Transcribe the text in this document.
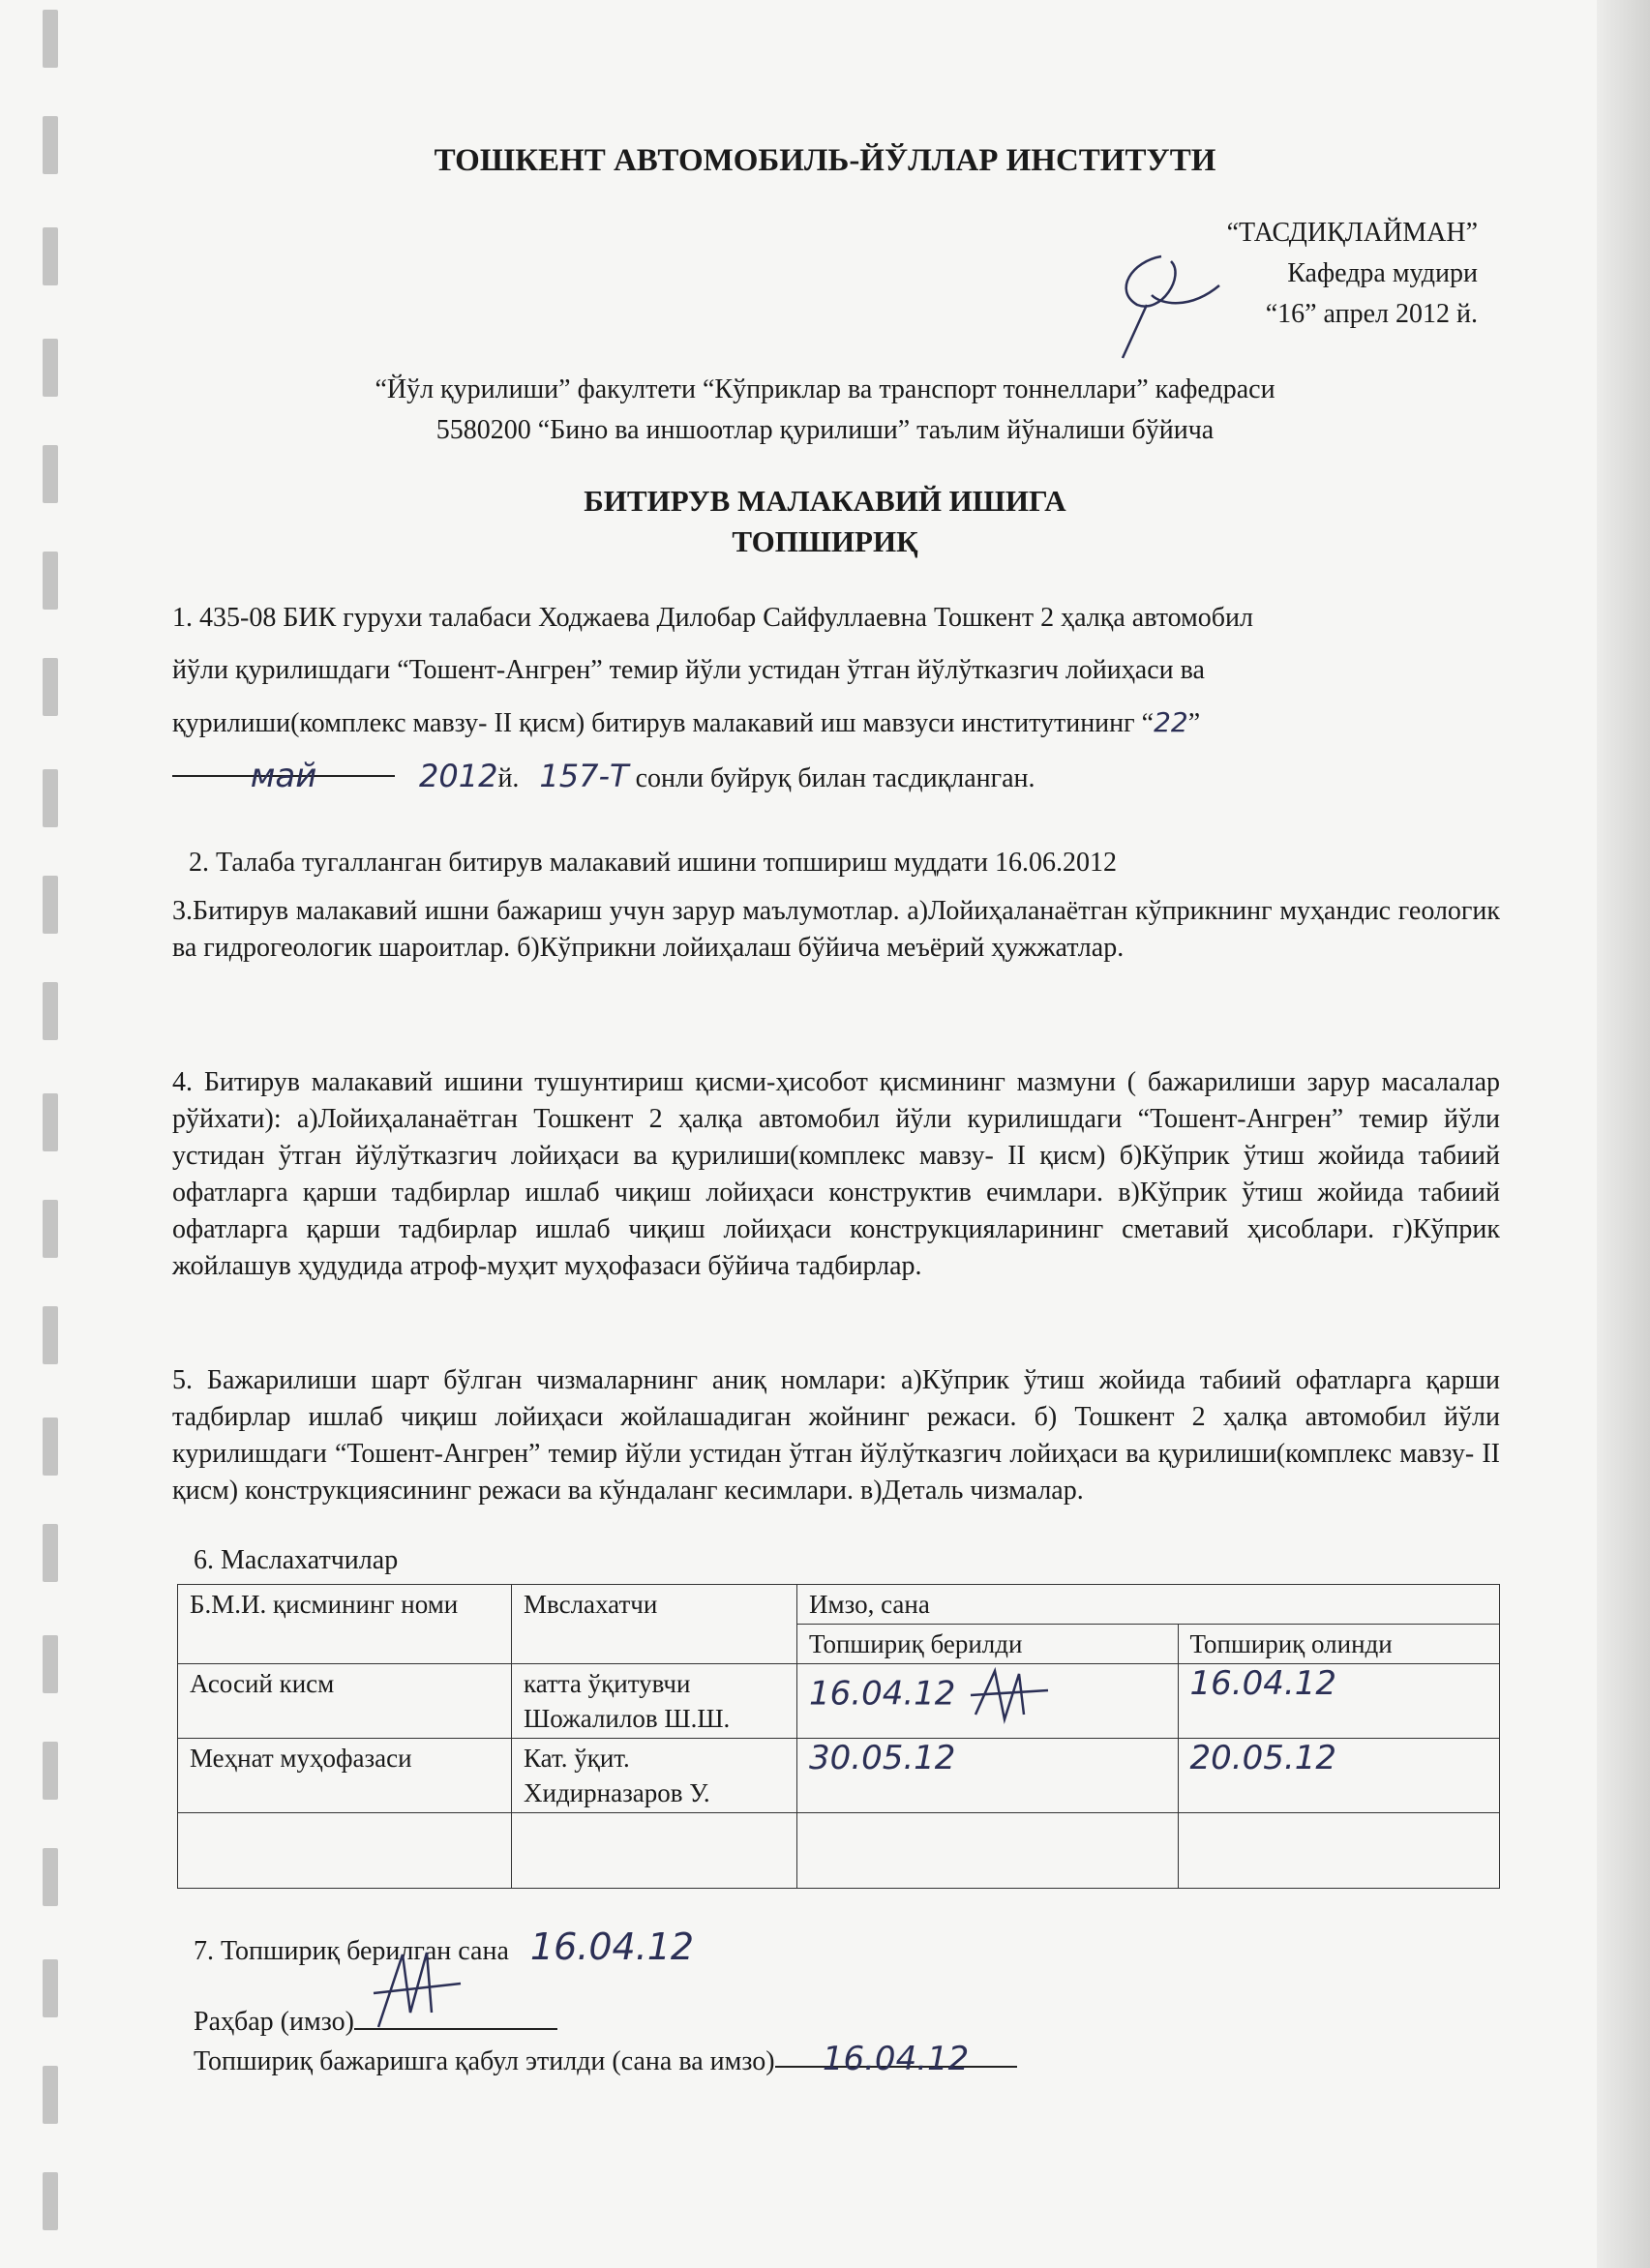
ТОШКЕНТ АВТОМОБИЛЬ-ЙЎЛЛАР ИНСТИТУТИ
“ТАСДИҚЛАЙМАН”
Кафедра мудири
“16” апрел 2012 й.
“Йўл қурилиши” факултети “Кўприклар ва транспорт тоннеллари” кафедраси
5580200 “Бино ва иншоотлар қурилиши” таълим йўналиши бўйича
БИТИРУВ МАЛАКАВИЙ ИШИГА
ТОПШИРИҚ
1. 435-08 БИК гурухи талабаси Ходжаева Дилобар Сайфуллаевна Тошкент 2 ҳалқа автомобил
йўли қурилишдаги “Тошент-Ангрен” темир йўли устидан ўтган йўлўтказгич лойиҳаси ва
қурилиши(комплекс мавзу- II қисм) битирув малакавий иш мавзуси институтининг “22”
май	2012й. 157-Т сонли буйруқ билан тасдиқланган.
2. Талаба тугалланган битирув малакавий ишини топшириш муддати 16.06.2012
3.Битирув малакавий ишни бажариш учун зарур маълумотлар. а)Лойиҳаланаётган кўприкнинг муҳандис геологик ва гидрогеологик шароитлар. б)Кўприкни лойиҳалаш бўйича меъёрий ҳужжатлар.
4. Битирув малакавий ишини тушунтириш қисми-ҳисобот қисмининг мазмуни ( бажарилиши зарур масалалар рўйхати): а)Лойиҳаланаётган Тошкент 2 ҳалқа автомобил йўли курилишдаги “Тошент-Ангрен” темир йўли устидан ўтган йўлўтказгич лойиҳаси ва қурилиши(комплекс мавзу- II қисм) б)Кўприк ўтиш жойида табиий офатларга қарши тадбирлар ишлаб чиқиш лойиҳаси конструктив ечимлари. в)Кўприк ўтиш жойида табиий офатларга қарши тадбирлар ишлаб чиқиш лойиҳаси конструкцияларининг сметавий ҳисоблари. г)Кўприк жойлашув ҳудудида атроф-муҳит муҳофазаси бўйича тадбирлар.
5. Бажарилиши шарт бўлган чизмаларнинг аниқ номлари: а)Кўприк ўтиш жойида табиий офатларга қарши тадбирлар ишлаб чиқиш лойиҳаси жойлашадиган жойнинг режаси. б) Тошкент 2 ҳалқа автомобил йўли курилишдаги “Тошент-Ангрен” темир йўли устидан ўтган йўлўтказгич лойиҳаси ва қурилиши(комплекс мавзу- II қисм) конструкциясининг режаси ва кўндаланг кесимлари. в)Деталь чизмалар.
6. Маслахатчилар
Б.М.И. қисмининг номи	Мвслахатчи	Имзо, сана	
		Топшириқ берилди	Топшириқ олинди
Асосий кисм	катта ўқитувчи Шожалилов Ш.Ш.	16.04.12	16.04.12
Меҳнат муҳофазаси	Кат. ўқит. Хидирназаров У.	30.05.12	20.05.12

7. Топшириқ берилган сана 16.04.12
Раҳбар (имзо)
Топшириқ бажаришга қабул этилди (сана ва имзо) 16.04.12
